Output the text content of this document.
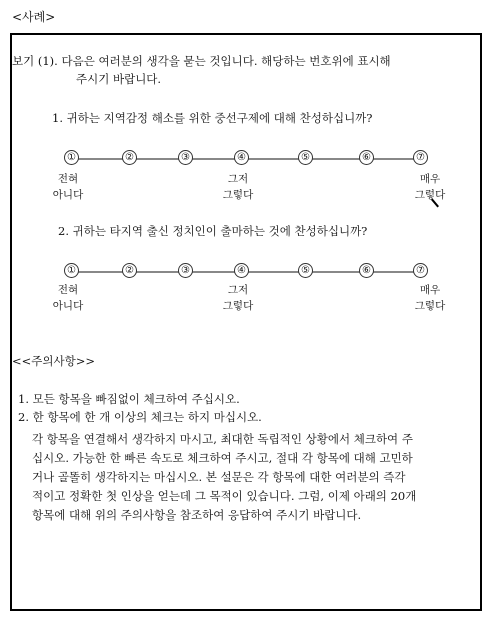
<사례>
보기 (1). 다음은 여러분의 생각을 묻는 것입니다. 해당하는 번호위에 표시해
주시기 바랍니다.
1. 귀하는 지역감정 해소를 위한 중선구제에 대해 찬성하십니까?
①	②	③	④	⑤	⑥	⑦
전혀
아니다
그저
그렇다
매우
그렇다
2. 귀하는 타지역 출신 정치인이 출마하는 것에 찬성하십니까?
①	②	③	④	⑤	⑥	⑦
전혀
아니다
그저
그렇다
매우
그렇다
<<주의사항>>
1. 모든 항목을 빠짐없이 체크하여 주십시오.
2. 한 항목에 한 개 이상의 체크는 하지 마십시오.
각 항목을 연결해서 생각하지 마시고, 최대한 독립적인 상황에서 체크하여 주
십시오. 가능한 한 빠른 속도로 체크하여 주시고, 절대 각 항목에 대해 고민하
거나 골똘히 생각하지는 마십시오. 본 설문은 각 항목에 대한 여러분의 즉각
적이고 정확한 첫 인상을 얻는데 그 목적이 있습니다. 그럼, 이제 아래의 20개
항목에 대해 위의 주의사항을 참조하여 응답하여 주시기 바랍니다.
